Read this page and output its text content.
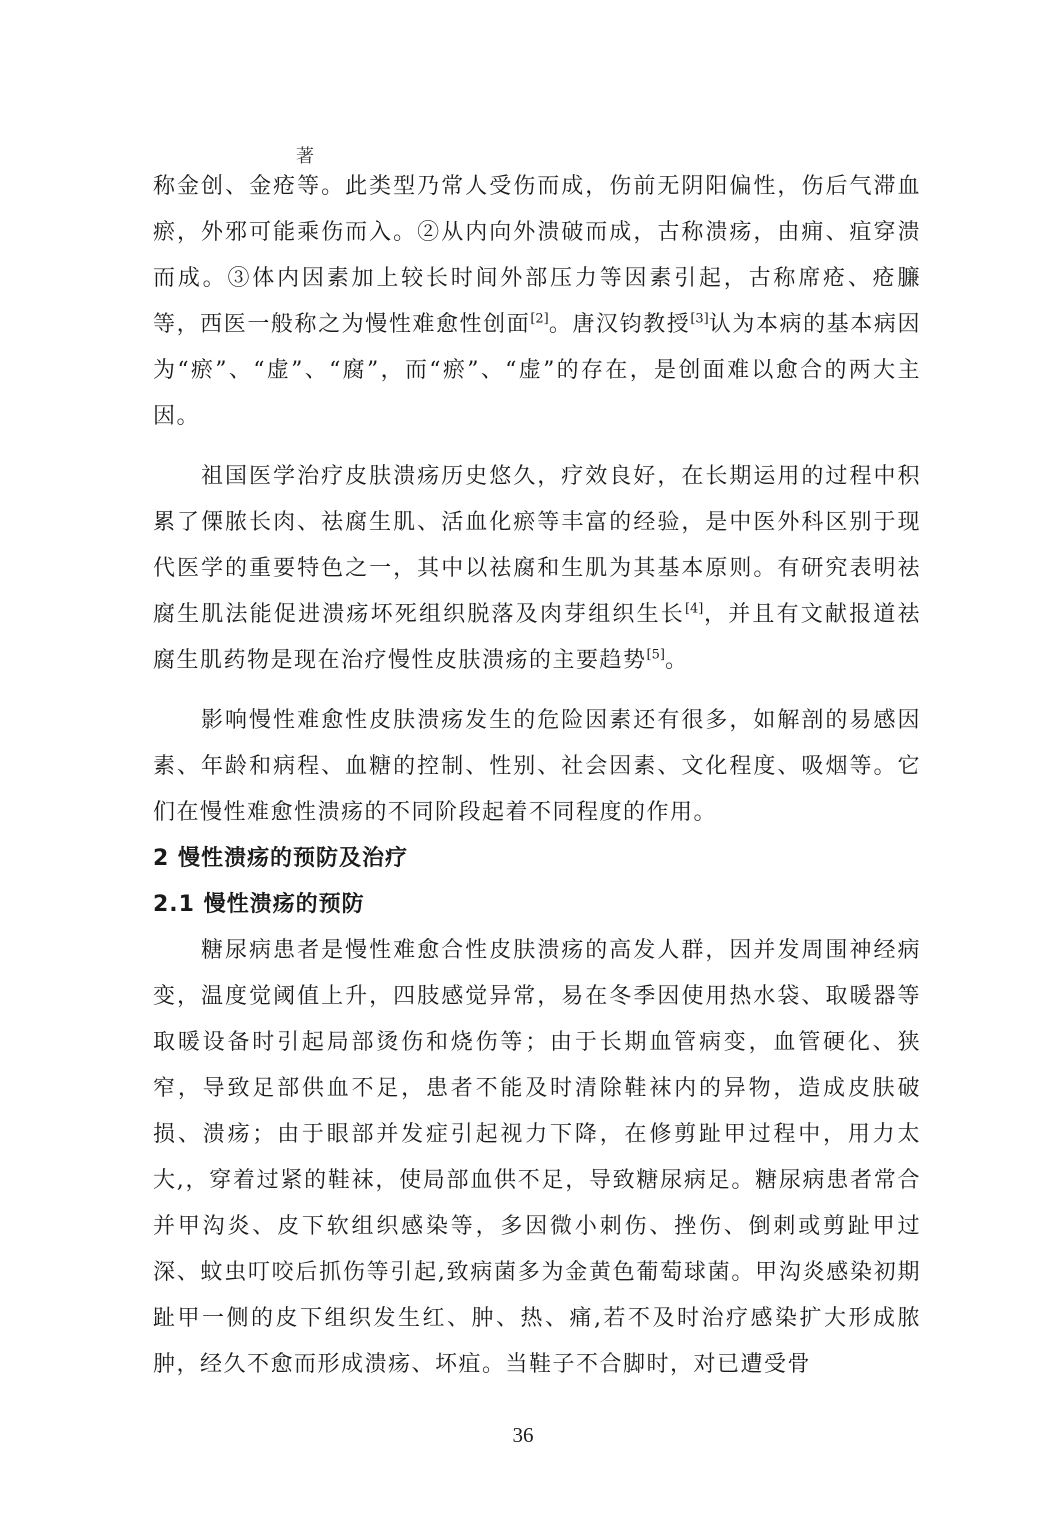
著

称金创、金疮等。此类型乃常人受伤而成，伤前无阴阳偏性，伤后气滞血瘀，外邪可能乘伤而入。②从内向外溃破而成，古称溃疡，由痈、疽穿溃而成。③体内因素加上较长时间外部压力等因素引起，古称席疮、疮臁等，西医一般称之为慢性难愈性创面[2]。唐汉钧教授[3]认为本病的基本病因为“瘀”、“虚”、“腐”，而“瘀”、“虚”的存在，是创面难以愈合的两大主因。

祖国医学治疗皮肤溃疡历史悠久，疗效良好，在长期运用的过程中积累了傈脓长肉、祛腐生肌、活血化瘀等丰富的经验，是中医外科区别于现代医学的重要特色之一，其中以祛腐和生肌为其基本原则。有研究表明祛腐生肌法能促进溃疡坏死组织脱落及肉芽组织生长[4]，并且有文献报道祛腐生肌药物是现在治疗慢性皮肤溃疡的主要趋势[5]。

影响慢性难愈性皮肤溃疡发生的危险因素还有很多，如解剖的易感因素、年龄和病程、血糖的控制、性别、社会因素、文化程度、吸烟等。它们在慢性难愈性溃疡的不同阶段起着不同程度的作用。

2 慢性溃疡的预防及治疗
2.1 慢性溃疡的预防

糖尿病患者是慢性难愈合性皮肤溃疡的高发人群，因并发周围神经病变，温度觉阈值上升，四肢感觉异常，易在冬季因使用热水袋、取暖器等取暖设备时引起局部烫伤和烧伤等；由于长期血管病变，血管硬化、狭窄，导致足部供血不足，患者不能及时清除鞋袜内的异物，造成皮肤破损、溃疡；由于眼部并发症引起视力下降，在修剪趾甲过程中，用力太大,，穿着过紧的鞋袜，使局部血供不足，导致糖尿病足。糖尿病患者常合并甲沟炎、皮下软组织感染等，多因微小刺伤、挫伤、倒刺或剪趾甲过深、蚊虫叮咬后抓伤等引起,致病菌多为金黄色葡萄球菌。甲沟炎感染初期趾甲一侧的皮下组织发生红、肿、热、痛,若不及时治疗感染扩大形成脓肿，经久不愈而形成溃疡、坏疽。当鞋子不合脚时，对已遭受骨

36
